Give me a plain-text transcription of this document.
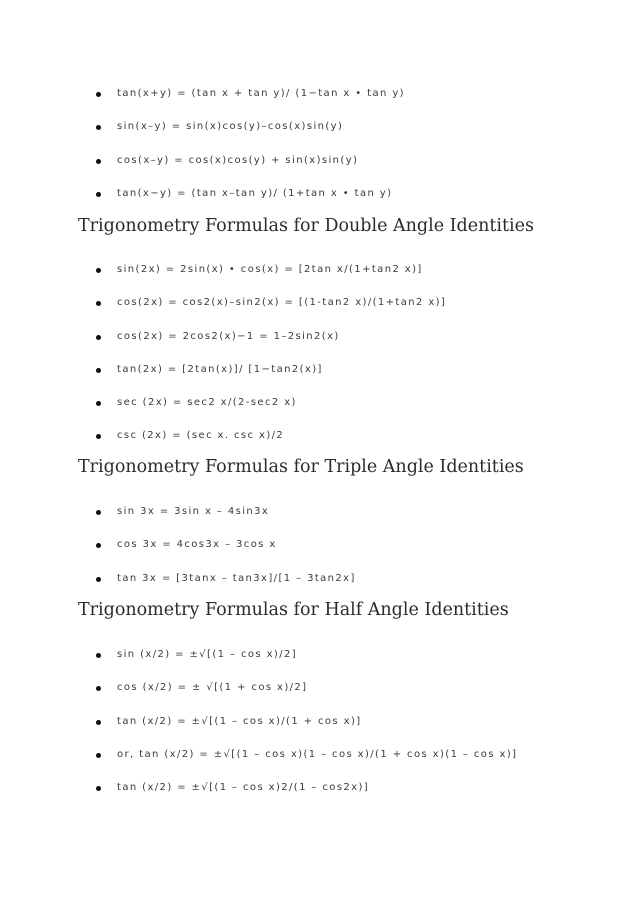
tan(x+y) = (tan x + tan y)/ (1−tan x • tan y)
sin(x–y) = sin(x)cos(y)–cos(x)sin(y)
cos(x–y) = cos(x)cos(y) + sin(x)sin(y)
tan(x−y) = (tan x–tan y)/ (1+tan x • tan y)
Trigonometry Formulas for Double Angle Identities
sin(2x) = 2sin(x) • cos(x) = [2tan x/(1+tan2 x)]
cos(2x) = cos2(x)–sin2(x) = [(1-tan2 x)/(1+tan2 x)]
cos(2x) = 2cos2(x)−1 = 1–2sin2(x)
tan(2x) = [2tan(x)]/ [1−tan2(x)]
sec (2x) = sec2 x/(2-sec2 x)
csc (2x) = (sec x. csc x)/2
Trigonometry Formulas for Triple Angle Identities
sin 3x = 3sin x – 4sin3x
cos 3x = 4cos3x – 3cos x
tan 3x = [3tanx – tan3x]/[1 – 3tan2x]
Trigonometry Formulas for Half Angle Identities
sin (x/2) = ±√[(1 – cos x)/2]
cos (x/2) = ± √[(1 + cos x)/2]
tan (x/2) = ±√[(1 – cos x)/(1 + cos x)]
or, tan (x/2) = ±√[(1 – cos x)(1 – cos x)/(1 + cos x)(1 – cos x)]
tan (x/2) = ±√[(1 – cos x)2/(1 – cos2x)]
